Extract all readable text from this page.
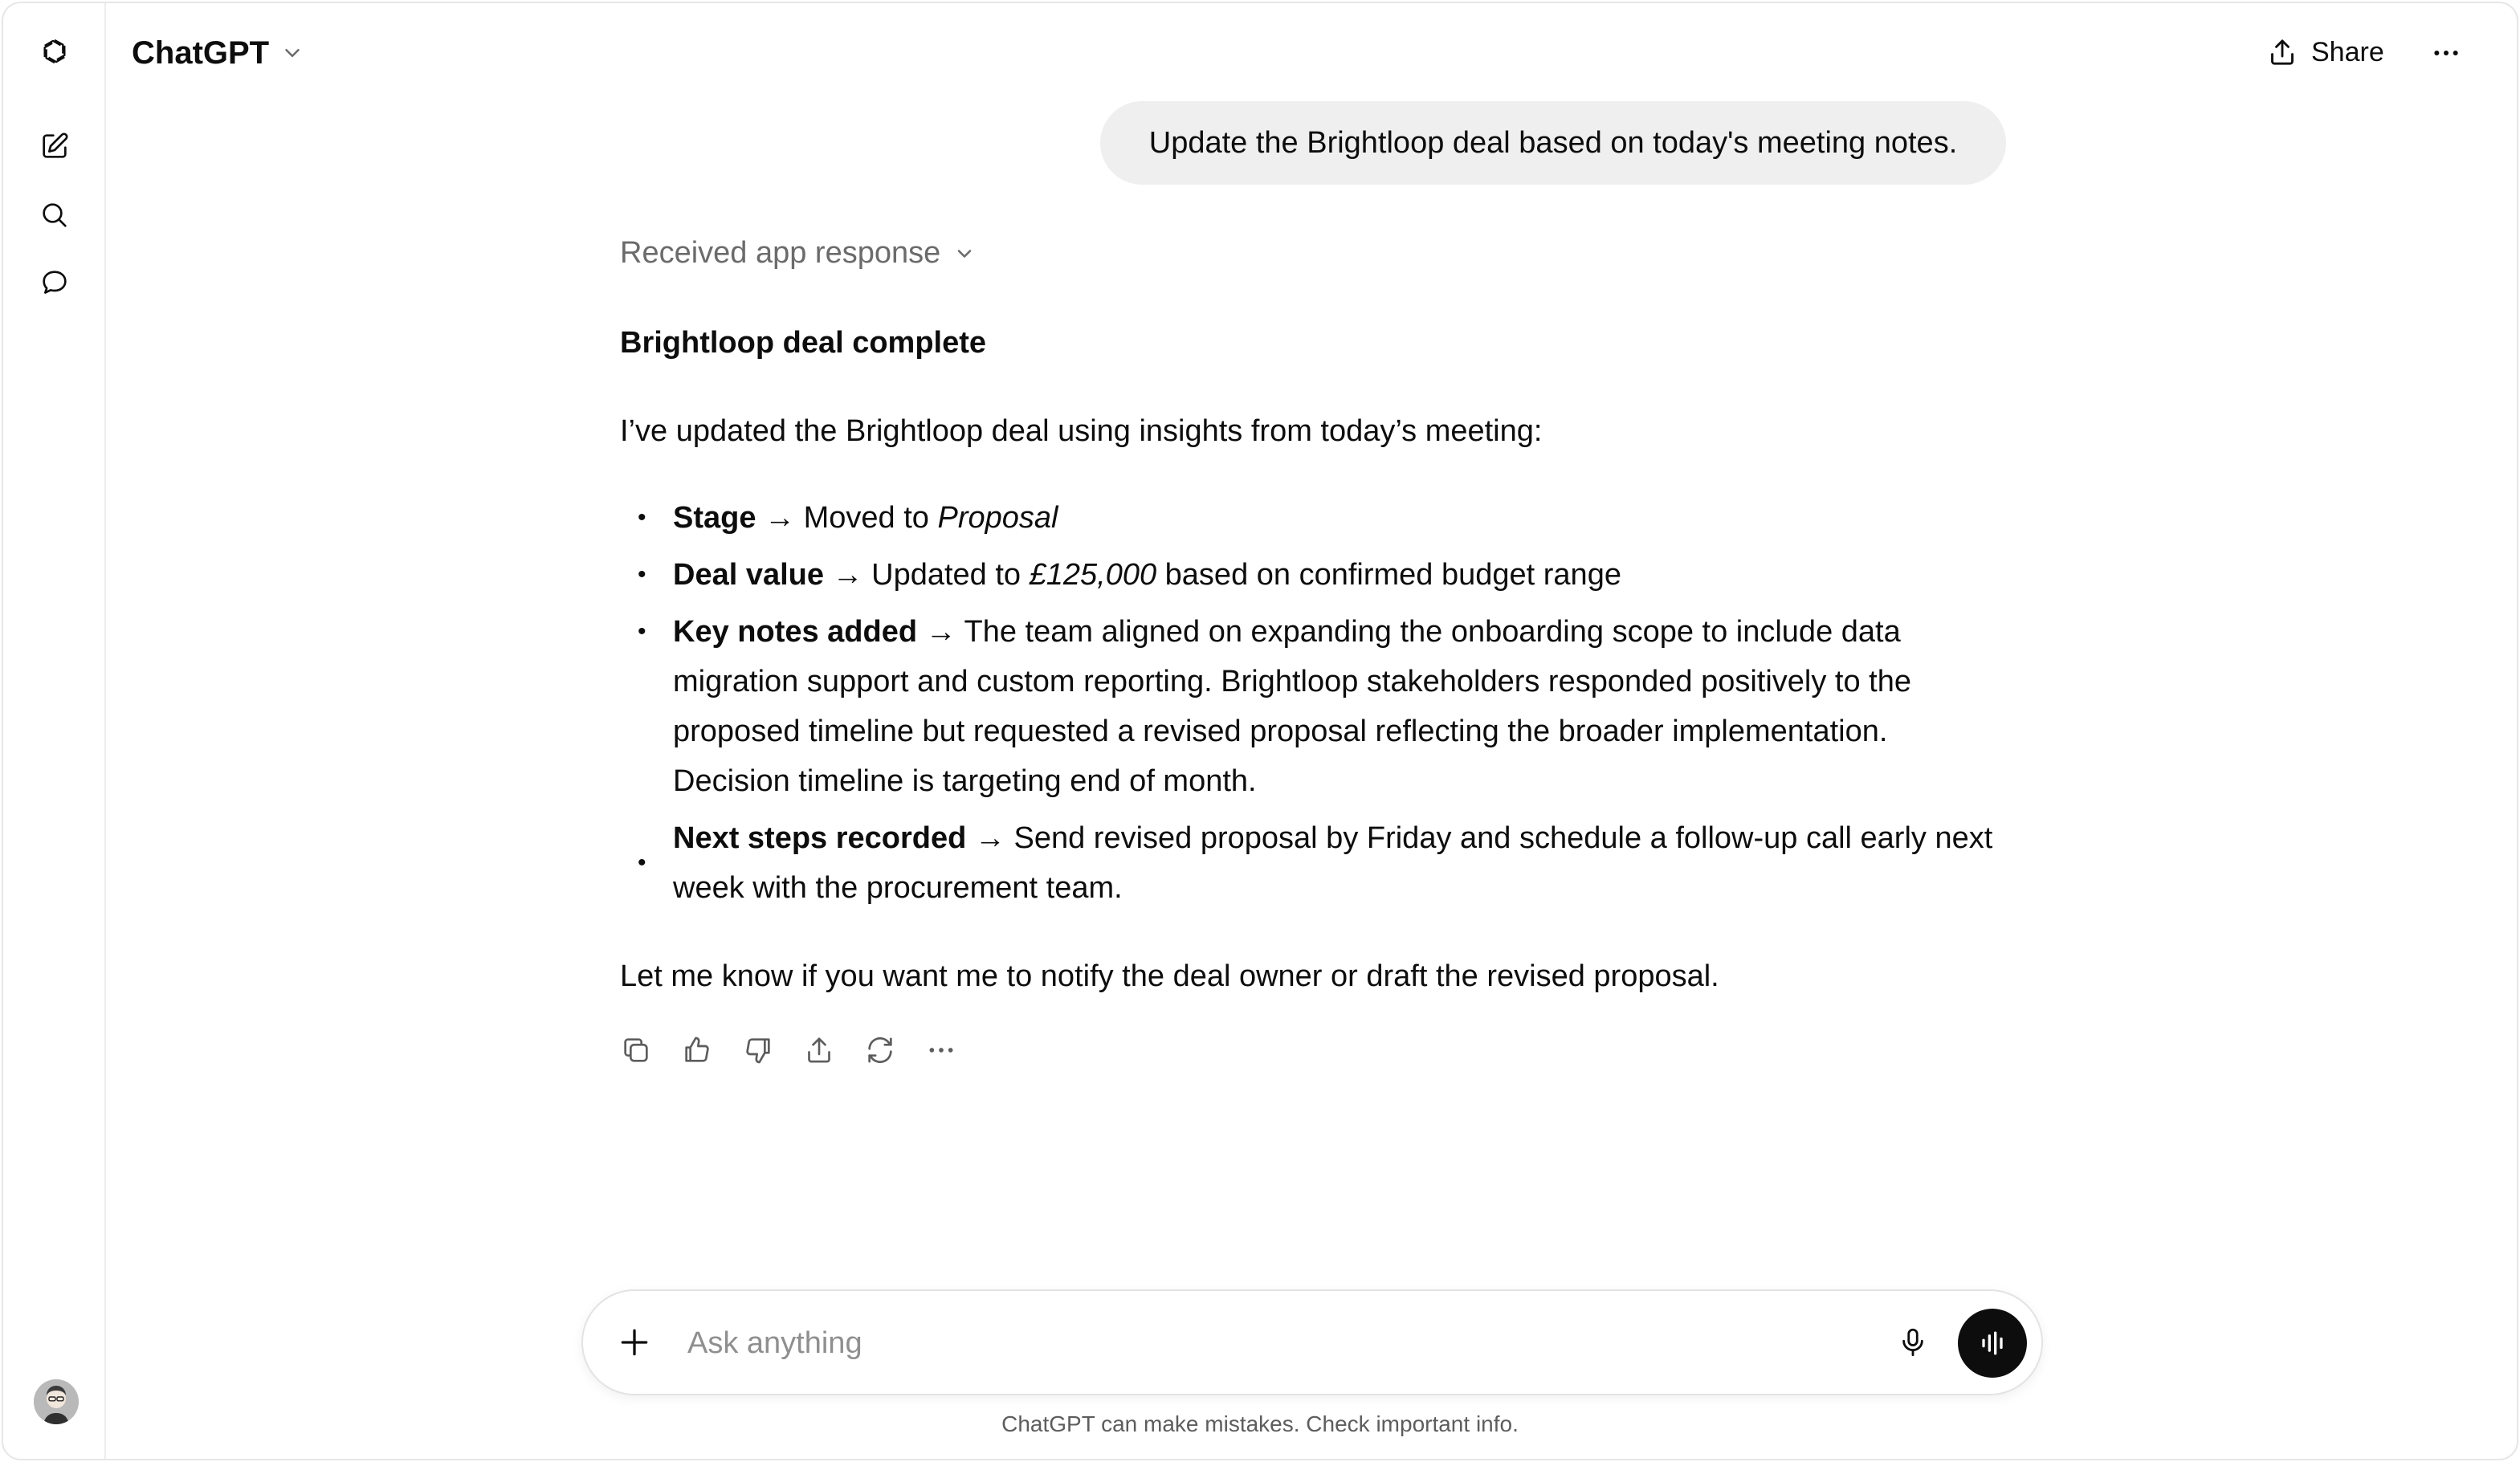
ChatGPT	Share
Update the Brightloop deal based on today's meeting notes.
Received app response

Brightloop deal complete

I’ve updated the Brightloop deal using insights from today’s meeting:

• Stage → Moved to Proposal
• Deal value → Updated to £125,000 based on confirmed budget range
• Key notes added → The team aligned on expanding the onboarding scope to include data migration support and custom reporting. Brightloop stakeholders responded positively to the proposed timeline but requested a revised proposal reflecting the broader implementation. Decision timeline is targeting end of month.
• Next steps recorded → Send revised proposal by Friday and schedule a follow-up call early next week with the procurement team.

Let me know if you want me to notify the deal owner or draft the revised proposal.

Ask anything
ChatGPT can make mistakes. Check important info.
